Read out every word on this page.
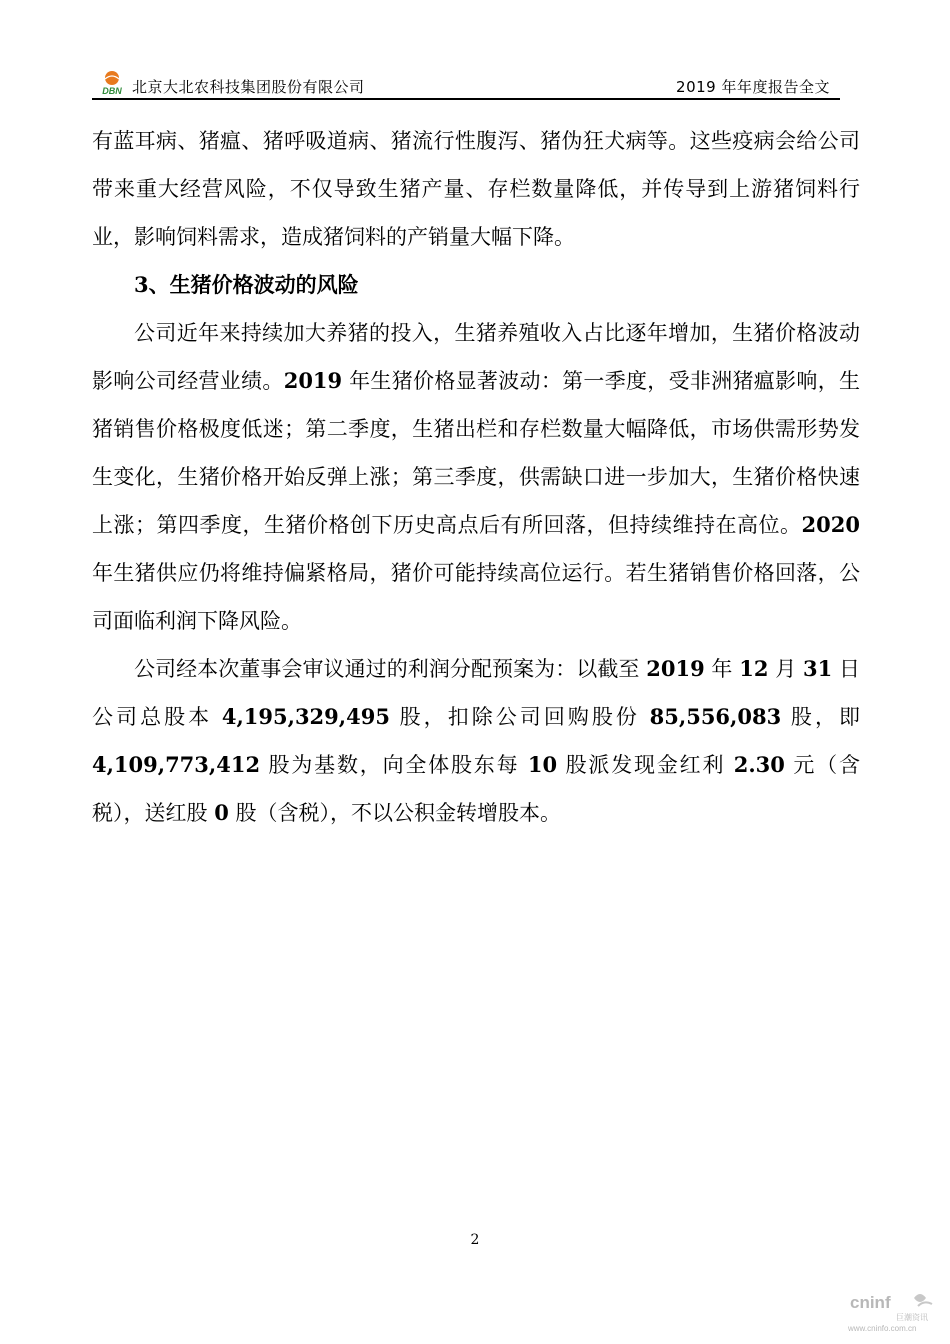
DBN 北京大北农科技集团股份有限公司	2019 年年度报告全文

有蓝耳病、猪瘟、猪呼吸道病、猪流行性腹泻、猪伪狂犬病等。这些疫病会给公司带来重大经营风险，不仅导致生猪产量、存栏数量降低，并传导到上游猪饲料行业，影响饲料需求，造成猪饲料的产销量大幅下降。

3、生猪价格波动的风险

公司近年来持续加大养猪的投入，生猪养殖收入占比逐年增加，生猪价格波动影响公司经营业绩。2019 年生猪价格显著波动：第一季度，受非洲猪瘟影响，生猪销售价格极度低迷；第二季度，生猪出栏和存栏数量大幅降低，市场供需形势发生变化，生猪价格开始反弹上涨；第三季度，供需缺口进一步加大，生猪价格快速上涨；第四季度，生猪价格创下历史高点后有所回落，但持续维持在高位。2020 年生猪供应仍将维持偏紧格局，猪价可能持续高位运行。若生猪销售价格回落，公司面临利润下降风险。

公司经本次董事会审议通过的利润分配预案为：以截至 2019 年 12 月 31 日公司总股本 4,195,329,495 股，扣除公司回购股份 85,556,083 股，即 4,109,773,412 股为基数，向全体股东每 10 股派发现金红利 2.30 元（含税），送红股 0 股（含税），不以公积金转增股本。

2
cninf
巨潮资讯
www.cninfo.com.cn
